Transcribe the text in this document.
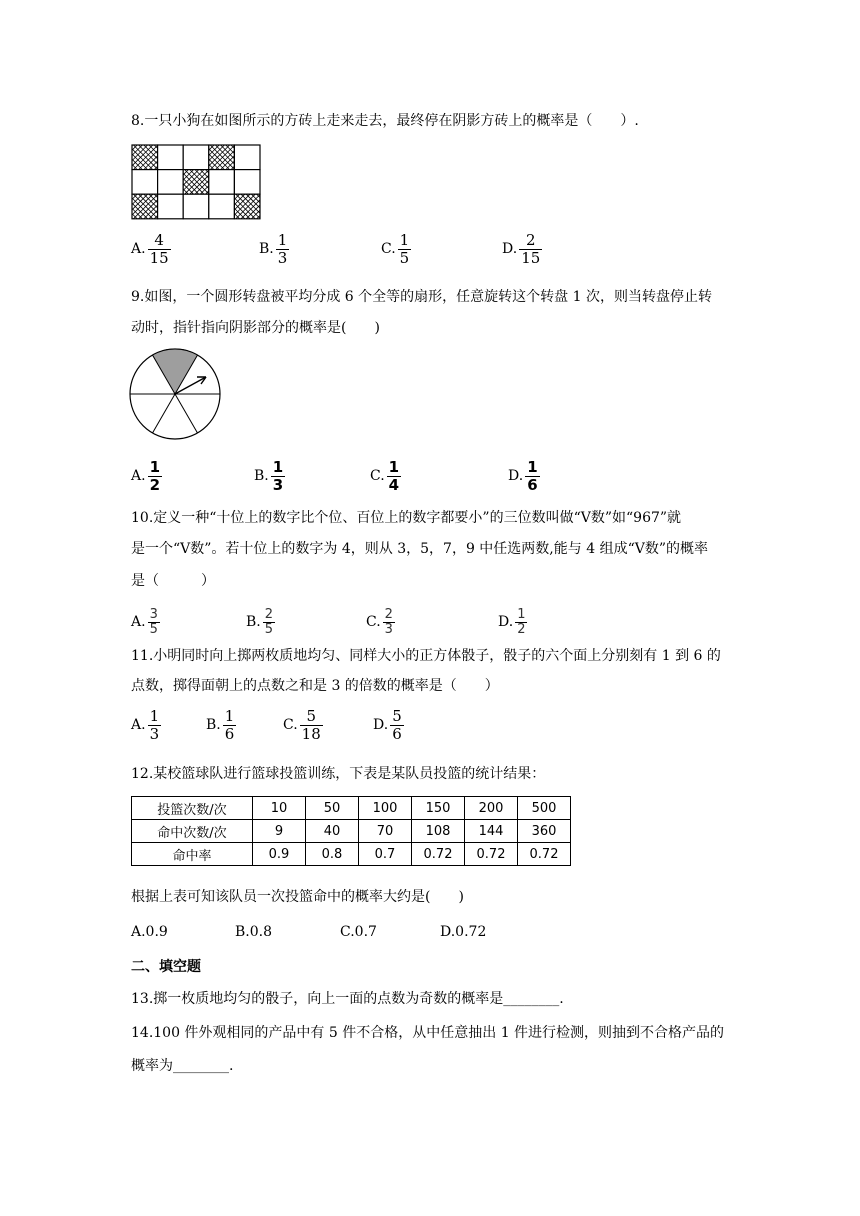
8.一只小狗在如图所示的方砖上走来走去，最终停在阴影方砖上的概率是（　　）.
A. $\frac{4}{15}$	B. $\frac{1}{3}$	C. $\frac{1}{5}$	D. $\frac{2}{15}$
9.如图，一个圆形转盘被平均分成 6 个全等的扇形，任意旋转这个转盘 1 次，则当转盘停止转
动时，指针指向阴影部分的概率是(　　)
A. $\frac{1}{2}$	B. $\frac{1}{3}$	C. $\frac{1}{4}$	D. $\frac{1}{6}$
10.定义一种“十位上的数字比个位、百位上的数字都要小”的三位数叫做“V数”如“967”就
是一个“V数”。若十位上的数字为 4，则从 3，5，7，9 中任选两数,能与 4 组成“V数”的概率
是（　　　）
A. $\frac{3}{5}$	B. $\frac{2}{5}$	C. $\frac{2}{3}$	D. $\frac{1}{2}$
11.小明同时向上掷两枚质地均匀、同样大小的正方体骰子，骰子的六个面上分别刻有 1 到 6 的
点数，掷得面朝上的点数之和是 3 的倍数的概率是（　　）
A. $\frac{1}{3}$	B. $\frac{1}{6}$	C. $\frac{5}{18}$	D. $\frac{5}{6}$
12.某校篮球队进行篮球投篮训练，下表是某队员投篮的统计结果：
投篮次数/次	10	50	100	150	200	500
命中次数/次	9	40	70	108	144	360
命中率	0.9	0.8	0.7	0.72	0.72	0.72
根据上表可知该队员一次投篮命中的概率大约是(　　)
A.0.9	B.0.8	C.0.7	D.0.72
二、填空题
13.掷一枚质地均匀的骰子，向上一面的点数为奇数的概率是________.
14.100 件外观相同的产品中有 5 件不合格，从中任意抽出 1 件进行检测，则抽到不合格产品的
概率为________.
